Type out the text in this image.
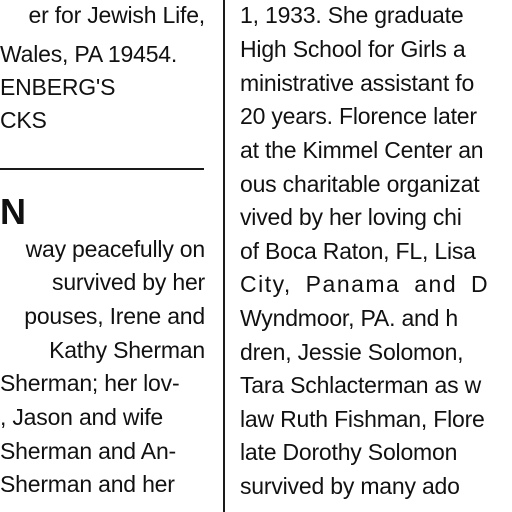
er for Jewish Life,
Wales, PA 19454.
ENBERG'S
CKS
N
way peacefully on
survived by her
pouses, Irene and
Kathy Sherman
Sherman; her lov-
, Jason and wife
Sherman and An-
Sherman and her
1, 1933. She graduate
High School for Girls a
ministrative assistant fo
20 years. Florence later
at the Kimmel Center an
ous charitable organizat
vived by her loving chi
of Boca Raton, FL, Lisa
City, Panama and D
Wyndmoor, PA. and h
dren, Jessie Solomon,
Tara Schlacterman as w
law Ruth Fishman, Flore
late Dorothy Solomon
survived by many ado
